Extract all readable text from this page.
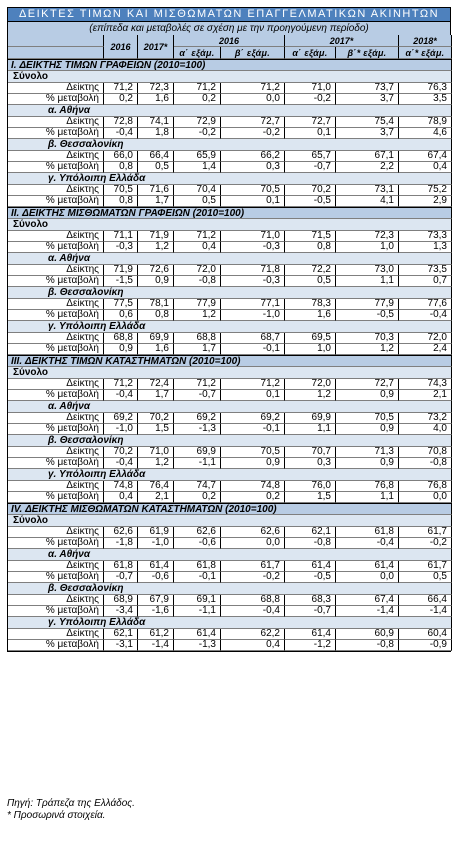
ΔΕΙΚΤΕΣ ΤΙΜΩΝ ΚΑΙ ΜΙΣΘΩΜΑΤΩΝ ΕΠΑΓΓΕΛΜΑΤΙΚΩΝ ΑΚΙΝΗΤΩΝ
(επίπεδα και μεταβολές σε σχέση με την προηγούμενη περίοδο)
2016	2017*
2016	2017*	2018*
α΄ εξάμ.	β΄ εξάμ.	α΄ εξάμ.	β΄* εξάμ.	α΄* εξάμ.
I. ΔΕΙΚΤΗΣ ΤΙΜΩΝ ΓΡΑΦΕΙΩΝ (2010=100)
Σύνολο
Δείκτης	71,2	72,3	71,2	71,2	71,0	73,7	76,3
% μεταβολή	0,2	1,6	0,2	0,0	-0,2	3,7	3,5
α. Αθήνα
Δείκτης	72,8	74,1	72,9	72,7	72,7	75,4	78,9
% μεταβολή	-0,4	1,8	-0,2	-0,2	0,1	3,7	4,6
β. Θεσσαλονίκη
Δείκτης	66,0	66,4	65,9	66,2	65,7	67,1	67,4
% μεταβολή	0,8	0,5	1,4	0,3	-0,7	2,2	0,4
γ. Υπόλοιπη Ελλάδα
Δείκτης	70,5	71,6	70,4	70,5	70,2	73,1	75,2
% μεταβολή	0,8	1,7	0,5	0,1	-0,5	4,1	2,9
II. ΔΕΙΚΤΗΣ ΜΙΣΘΩΜΑΤΩΝ ΓΡΑΦΕΙΩΝ (2010=100)
Σύνολο
Δείκτης	71,1	71,9	71,2	71,0	71,5	72,3	73,3
% μεταβολή	-0,3	1,2	0,4	-0,3	0,8	1,0	1,3
α. Αθήνα
Δείκτης	71,9	72,6	72,0	71,8	72,2	73,0	73,5
% μεταβολή	-1,5	0,9	-0,8	-0,3	0,5	1,1	0,7
β. Θεσσαλονίκη
Δείκτης	77,5	78,1	77,9	77,1	78,3	77,9	77,6
% μεταβολή	0,6	0,8	1,2	-1,0	1,6	-0,5	-0,4
γ. Υπόλοιπη Ελλάδα
Δείκτης	68,8	69,9	68,8	68,7	69,5	70,3	72,0
% μεταβολή	0,9	1,6	1,7	-0,1	1,0	1,2	2,4
III. ΔΕΙΚΤΗΣ ΤΙΜΩΝ ΚΑΤΑΣΤΗΜΑΤΩΝ (2010=100)
Σύνολο
Δείκτης	71,2	72,4	71,2	71,2	72,0	72,7	74,3
% μεταβολή	-0,4	1,7	-0,7	0,1	1,2	0,9	2,1
α. Αθήνα
Δείκτης	69,2	70,2	69,2	69,2	69,9	70,5	73,2
% μεταβολή	-1,0	1,5	-1,3	-0,1	1,1	0,9	4,0
β. Θεσσαλονίκη
Δείκτης	70,2	71,0	69,9	70,5	70,7	71,3	70,8
% μεταβολή	-0,4	1,2	-1,1	0,9	0,3	0,9	-0,8
γ. Υπόλοιπη Ελλάδα
Δείκτης	74,8	76,4	74,7	74,8	76,0	76,8	76,8
% μεταβολή	0,4	2,1	0,2	0,2	1,5	1,1	0,0
IV. ΔΕΙΚΤΗΣ ΜΙΣΘΩΜΑΤΩΝ ΚΑΤΑΣΤΗΜΑΤΩΝ (2010=100)
Σύνολο
Δείκτης	62,6	61,9	62,6	62,6	62,1	61,8	61,7
% μεταβολή	-1,8	-1,0	-0,6	0,0	-0,8	-0,4	-0,2
α. Αθήνα
Δείκτης	61,8	61,4	61,8	61,7	61,4	61,4	61,7
% μεταβολή	-0,7	-0,6	-0,1	-0,2	-0,5	0,0	0,5
β. Θεσσαλονίκη
Δείκτης	68,9	67,9	69,1	68,8	68,3	67,4	66,4
% μεταβολή	-3,4	-1,6	-1,1	-0,4	-0,7	-1,4	-1,4
γ. Υπόλοιπη Ελλάδα
Δείκτης	62,1	61,2	61,4	62,2	61,4	60,9	60,4
% μεταβολή	-3,1	-1,4	-1,3	0,4	-1,2	-0,8	-0,9
Πηγή: Τράπεζα της Ελλάδος.
* Προσωρινά στοιχεία.
